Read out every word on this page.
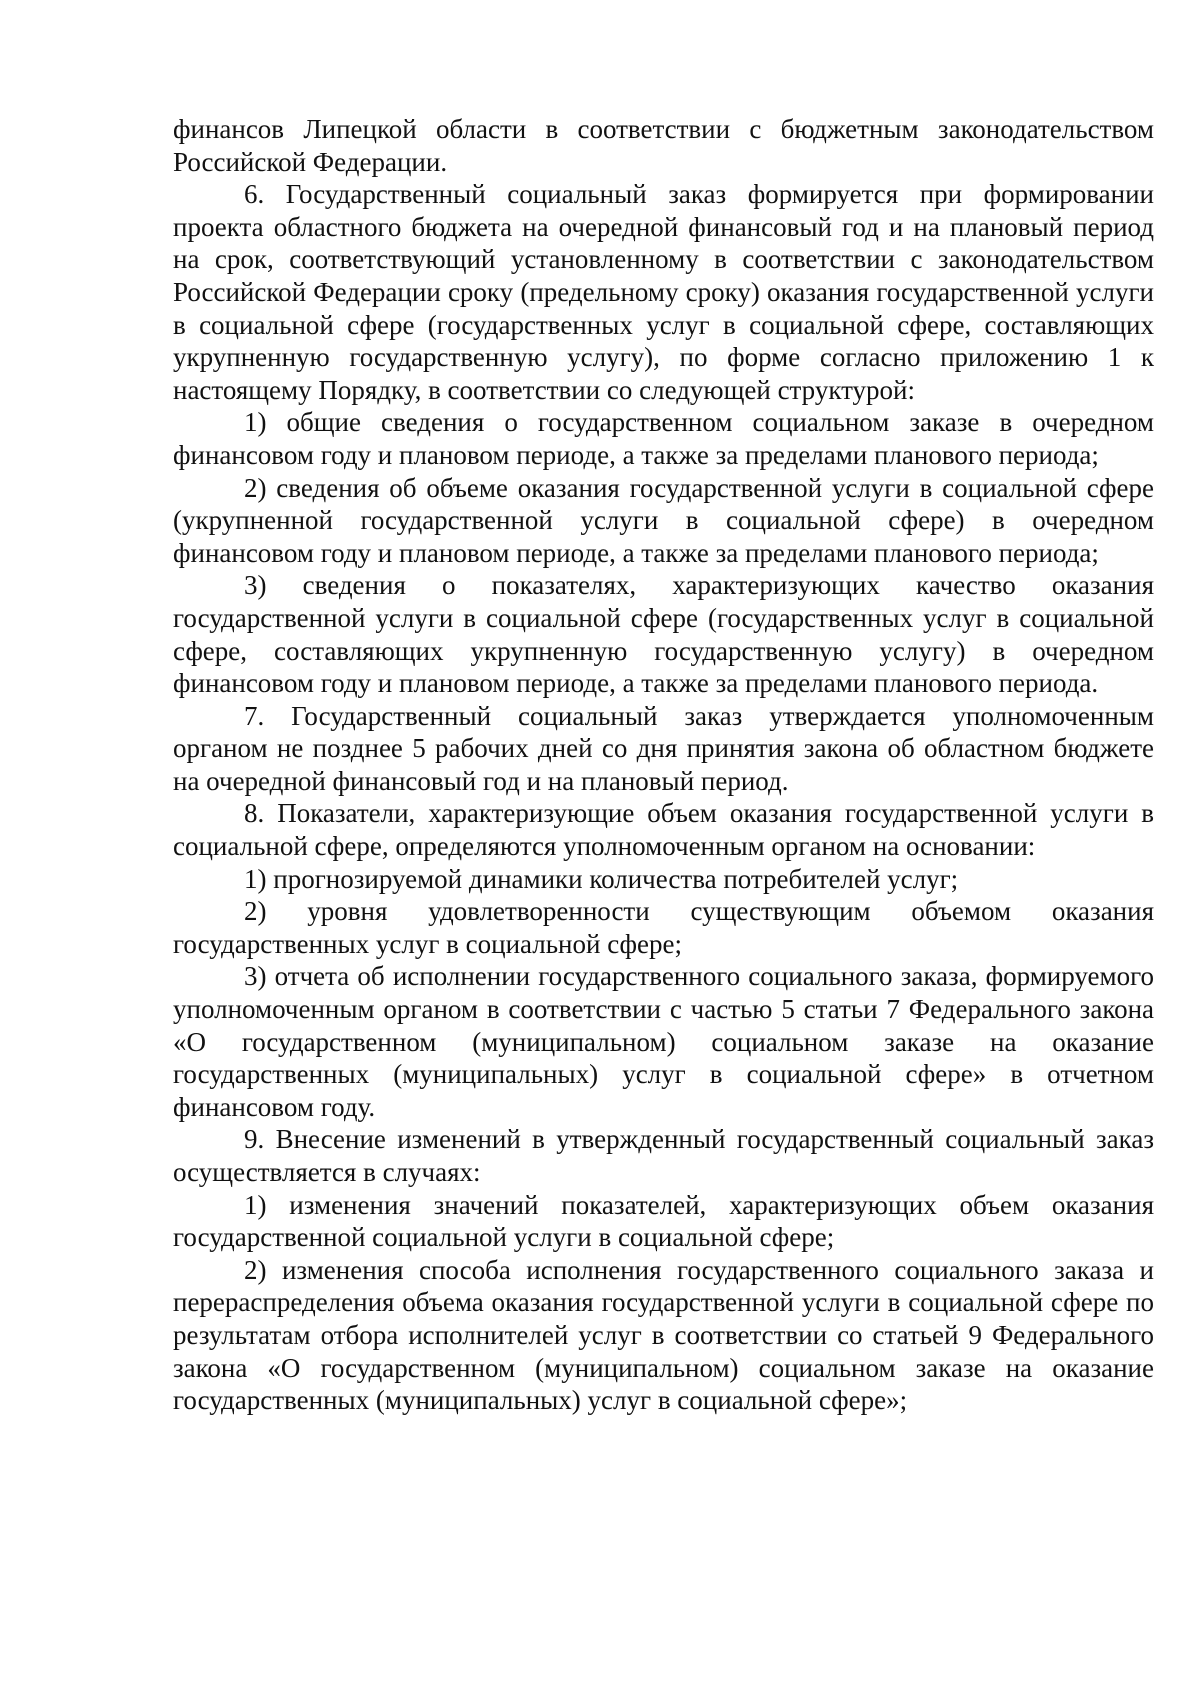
финансов Липецкой области в соответствии с бюджетным законодательством Российской Федерации.

6. Государственный социальный заказ формируется при формировании проекта областного бюджета на очередной финансовый год и на плановый период на срок, соответствующий установленному в соответствии с законодательством Российской Федерации сроку (предельному сроку) оказания государственной услуги в социальной сфере (государственных услуг в социальной сфере, составляющих укрупненную государственную услугу), по форме согласно приложению 1 к настоящему Порядку, в соответствии со следующей структурой:

1) общие сведения о государственном социальном заказе в очередном финансовом году и плановом периоде, а также за пределами планового периода;

2) сведения об объеме оказания государственной услуги в социальной сфере (укрупненной государственной услуги в социальной сфере) в очередном финансовом году и плановом периоде, а также за пределами планового периода;

3) сведения о показателях, характеризующих качество оказания государственной услуги в социальной сфере (государственных услуг в социальной сфере, составляющих укрупненную государственную услугу) в очередном финансовом году и плановом периоде, а также за пределами планового периода.

7. Государственный социальный заказ утверждается уполномоченным органом не позднее 5 рабочих дней со дня принятия закона об областном бюджете на очередной финансовый год и на плановый период.

8. Показатели, характеризующие объем оказания государственной услуги в социальной сфере, определяются уполномоченным органом на основании:

1) прогнозируемой динамики количества потребителей услуг;

2) уровня удовлетворенности существующим объемом оказания государственных услуг в социальной сфере;

3) отчета об исполнении государственного социального заказа, формируемого уполномоченным органом в соответствии с частью 5 статьи 7 Федерального закона «О государственном (муниципальном) социальном заказе на оказание государственных (муниципальных) услуг в социальной сфере» в отчетном финансовом году.

9. Внесение изменений в утвержденный государственный социальный заказ осуществляется в случаях:

1) изменения значений показателей, характеризующих объем оказания государственной социальной услуги в социальной сфере;

2) изменения способа исполнения государственного социального заказа и перераспределения объема оказания государственной услуги в социальной сфере по результатам отбора исполнителей услуг в соответствии со статьей 9 Федерального закона «О государственном (муниципальном) социальном заказе на оказание государственных (муниципальных) услуг в социальной сфере»;
